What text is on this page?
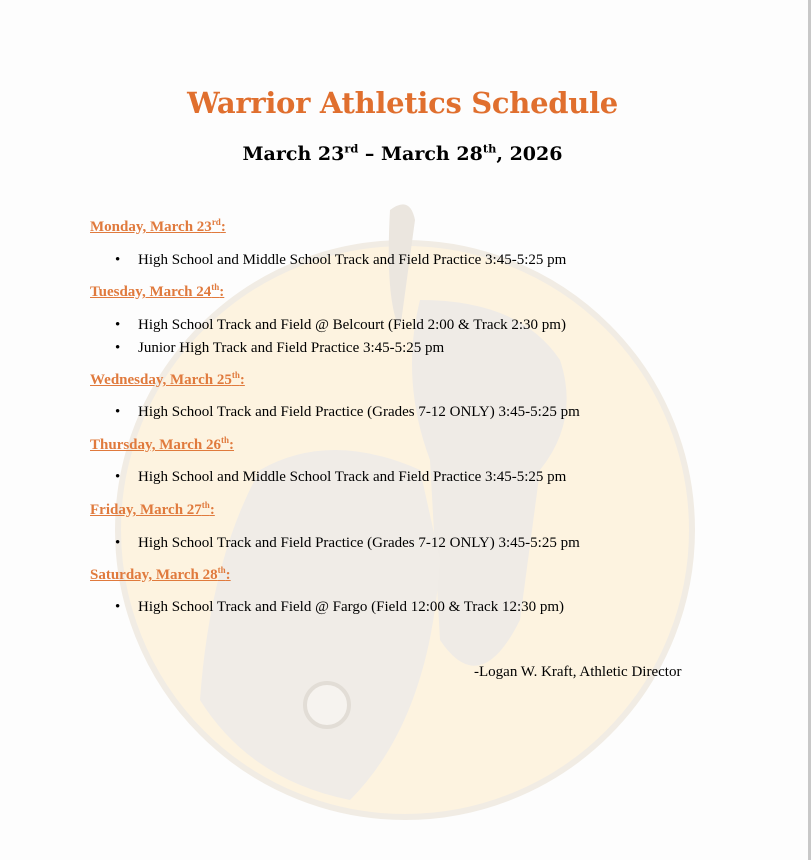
Warrior Athletics Schedule
March 23rd – March 28th, 2026
Monday, March 23rd:
• High School and Middle School Track and Field Practice 3:45-5:25 pm
Tuesday, March 24th:
• High School Track and Field @ Belcourt (Field 2:00 & Track 2:30 pm)
• Junior High Track and Field Practice 3:45-5:25 pm
Wednesday, March 25th:
• High School Track and Field Practice (Grades 7-12 ONLY) 3:45-5:25 pm
Thursday, March 26th:
• High School and Middle School Track and Field Practice 3:45-5:25 pm
Friday, March 27th:
• High School Track and Field Practice (Grades 7-12 ONLY) 3:45-5:25 pm
Saturday, March 28th:
• High School Track and Field @ Fargo (Field 12:00 & Track 12:30 pm)
-Logan W. Kraft, Athletic Director
